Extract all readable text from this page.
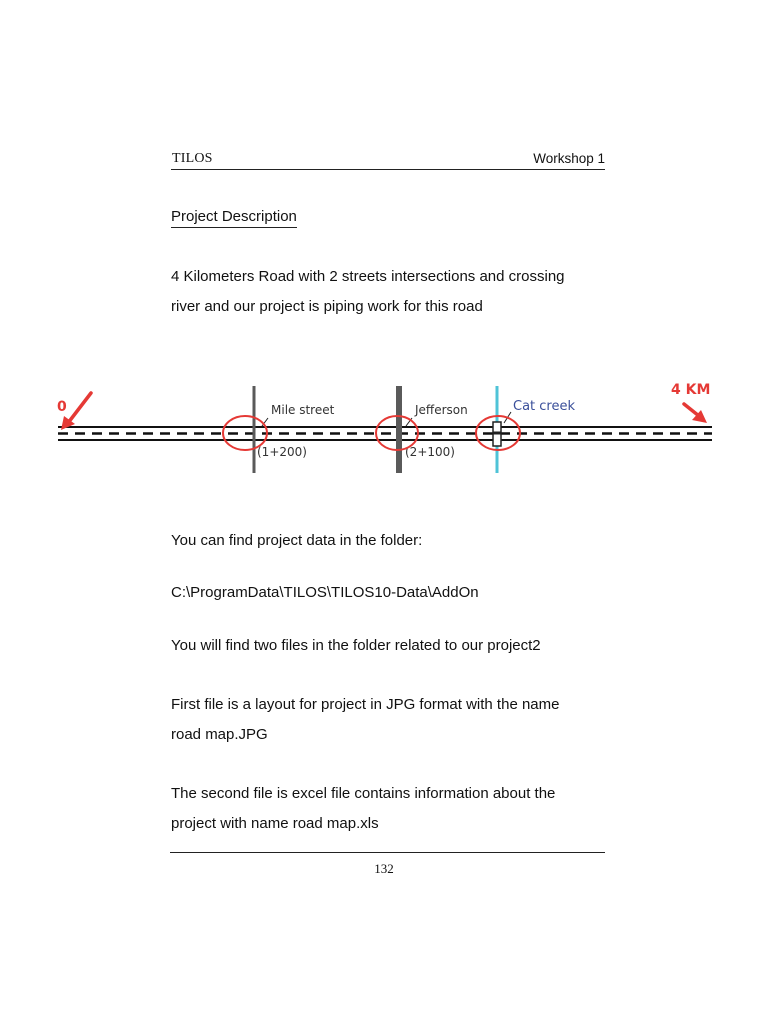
TILOS	Workshop 1
Project Description
4 Kilometers Road with 2 streets intersections and crossing
river and our project is piping work for this road
Mile street
(1+200)
Jefferson
(2+100)
Cat creek
0
4 KM
You can find project data in the folder:
C:\ProgramData\TILOS\TILOS10-Data\AddOn
You will find two files in the folder related to our project2
First file is a layout for project in JPG format with the name
road map.JPG
The second file is excel file contains information about the
project with name road map.xls
132
